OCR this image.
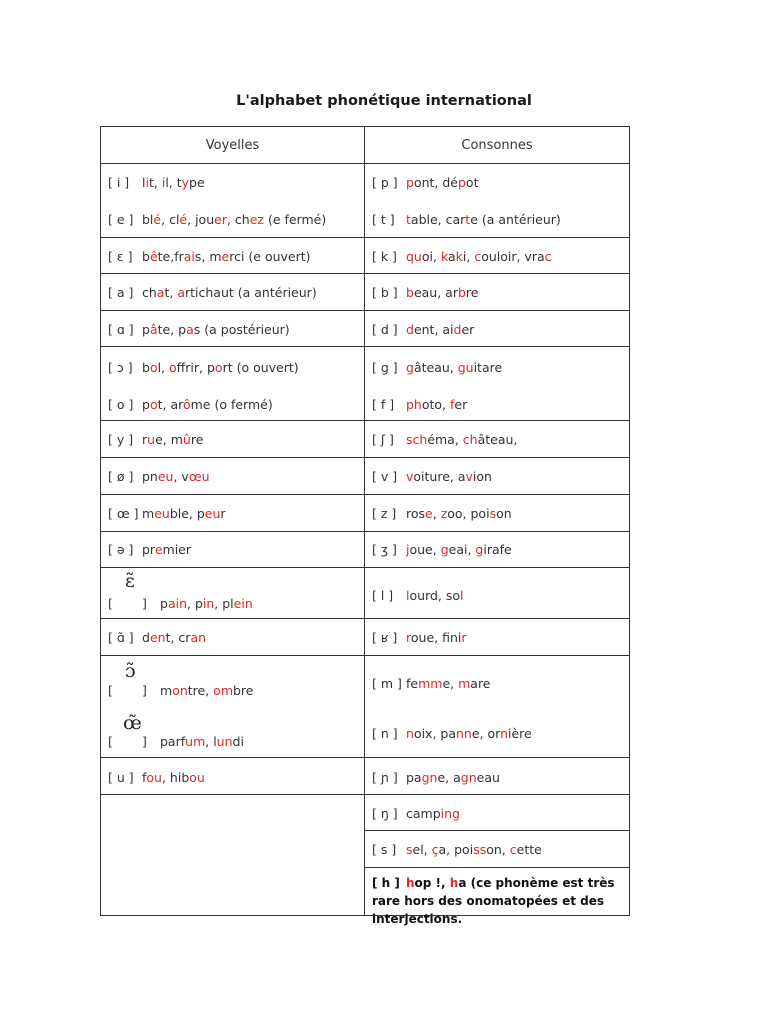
L'alphabet phonétique international
Voyelles
[ i ] lit, il, type
[ e ] blé, clé, jouer, chez (e fermé)
[ ɛ ] bête,frais, merci (e ouvert)
[ a ] chat, artichaut (a antérieur)
[ ɑ ] pâte, pas (a postérieur)
[ ɔ ] bol, offrir, port (o ouvert)
[ o ] pot, arôme (o fermé)
[ y ] rue, mûre
[ ø ] pneu, vœu
[ œ ] meuble, peur
[ ə ] premier
ɛ̃
[ ] pain, pin, plein
[ ɑ̃ ] dent, cran
ɔ̃
[ ] montre, ombre
œ̃
[ ] parfum, lundi
[ u ] fou, hibou
Consonnes
[ p ] pont, dépot
[ t ] table, carte (a antérieur)
[ k ] quoi, kaki, couloir, vrac
[ b ] beau, arbre
[ d ] dent, aider
[ g ] gâteau, guitare
[ f ] photo, fer
[ ʃ ] schéma, château,
[ v ] voiture, avion
[ z ] rose, zoo, poison
[ ʒ ] joue, geai, girafe
[ l ] lourd, sol
[ ʁ ] roue, finir
[ m ] femme, mare
[ n ] noix, panne, ornière
[ ɲ ] pagne, agneau
[ ŋ ] camping
[ s ] sel, ça, poisson, cette
[ h ] hop !, ha (ce phonème est très rare hors des onomatopées et des interjections.
